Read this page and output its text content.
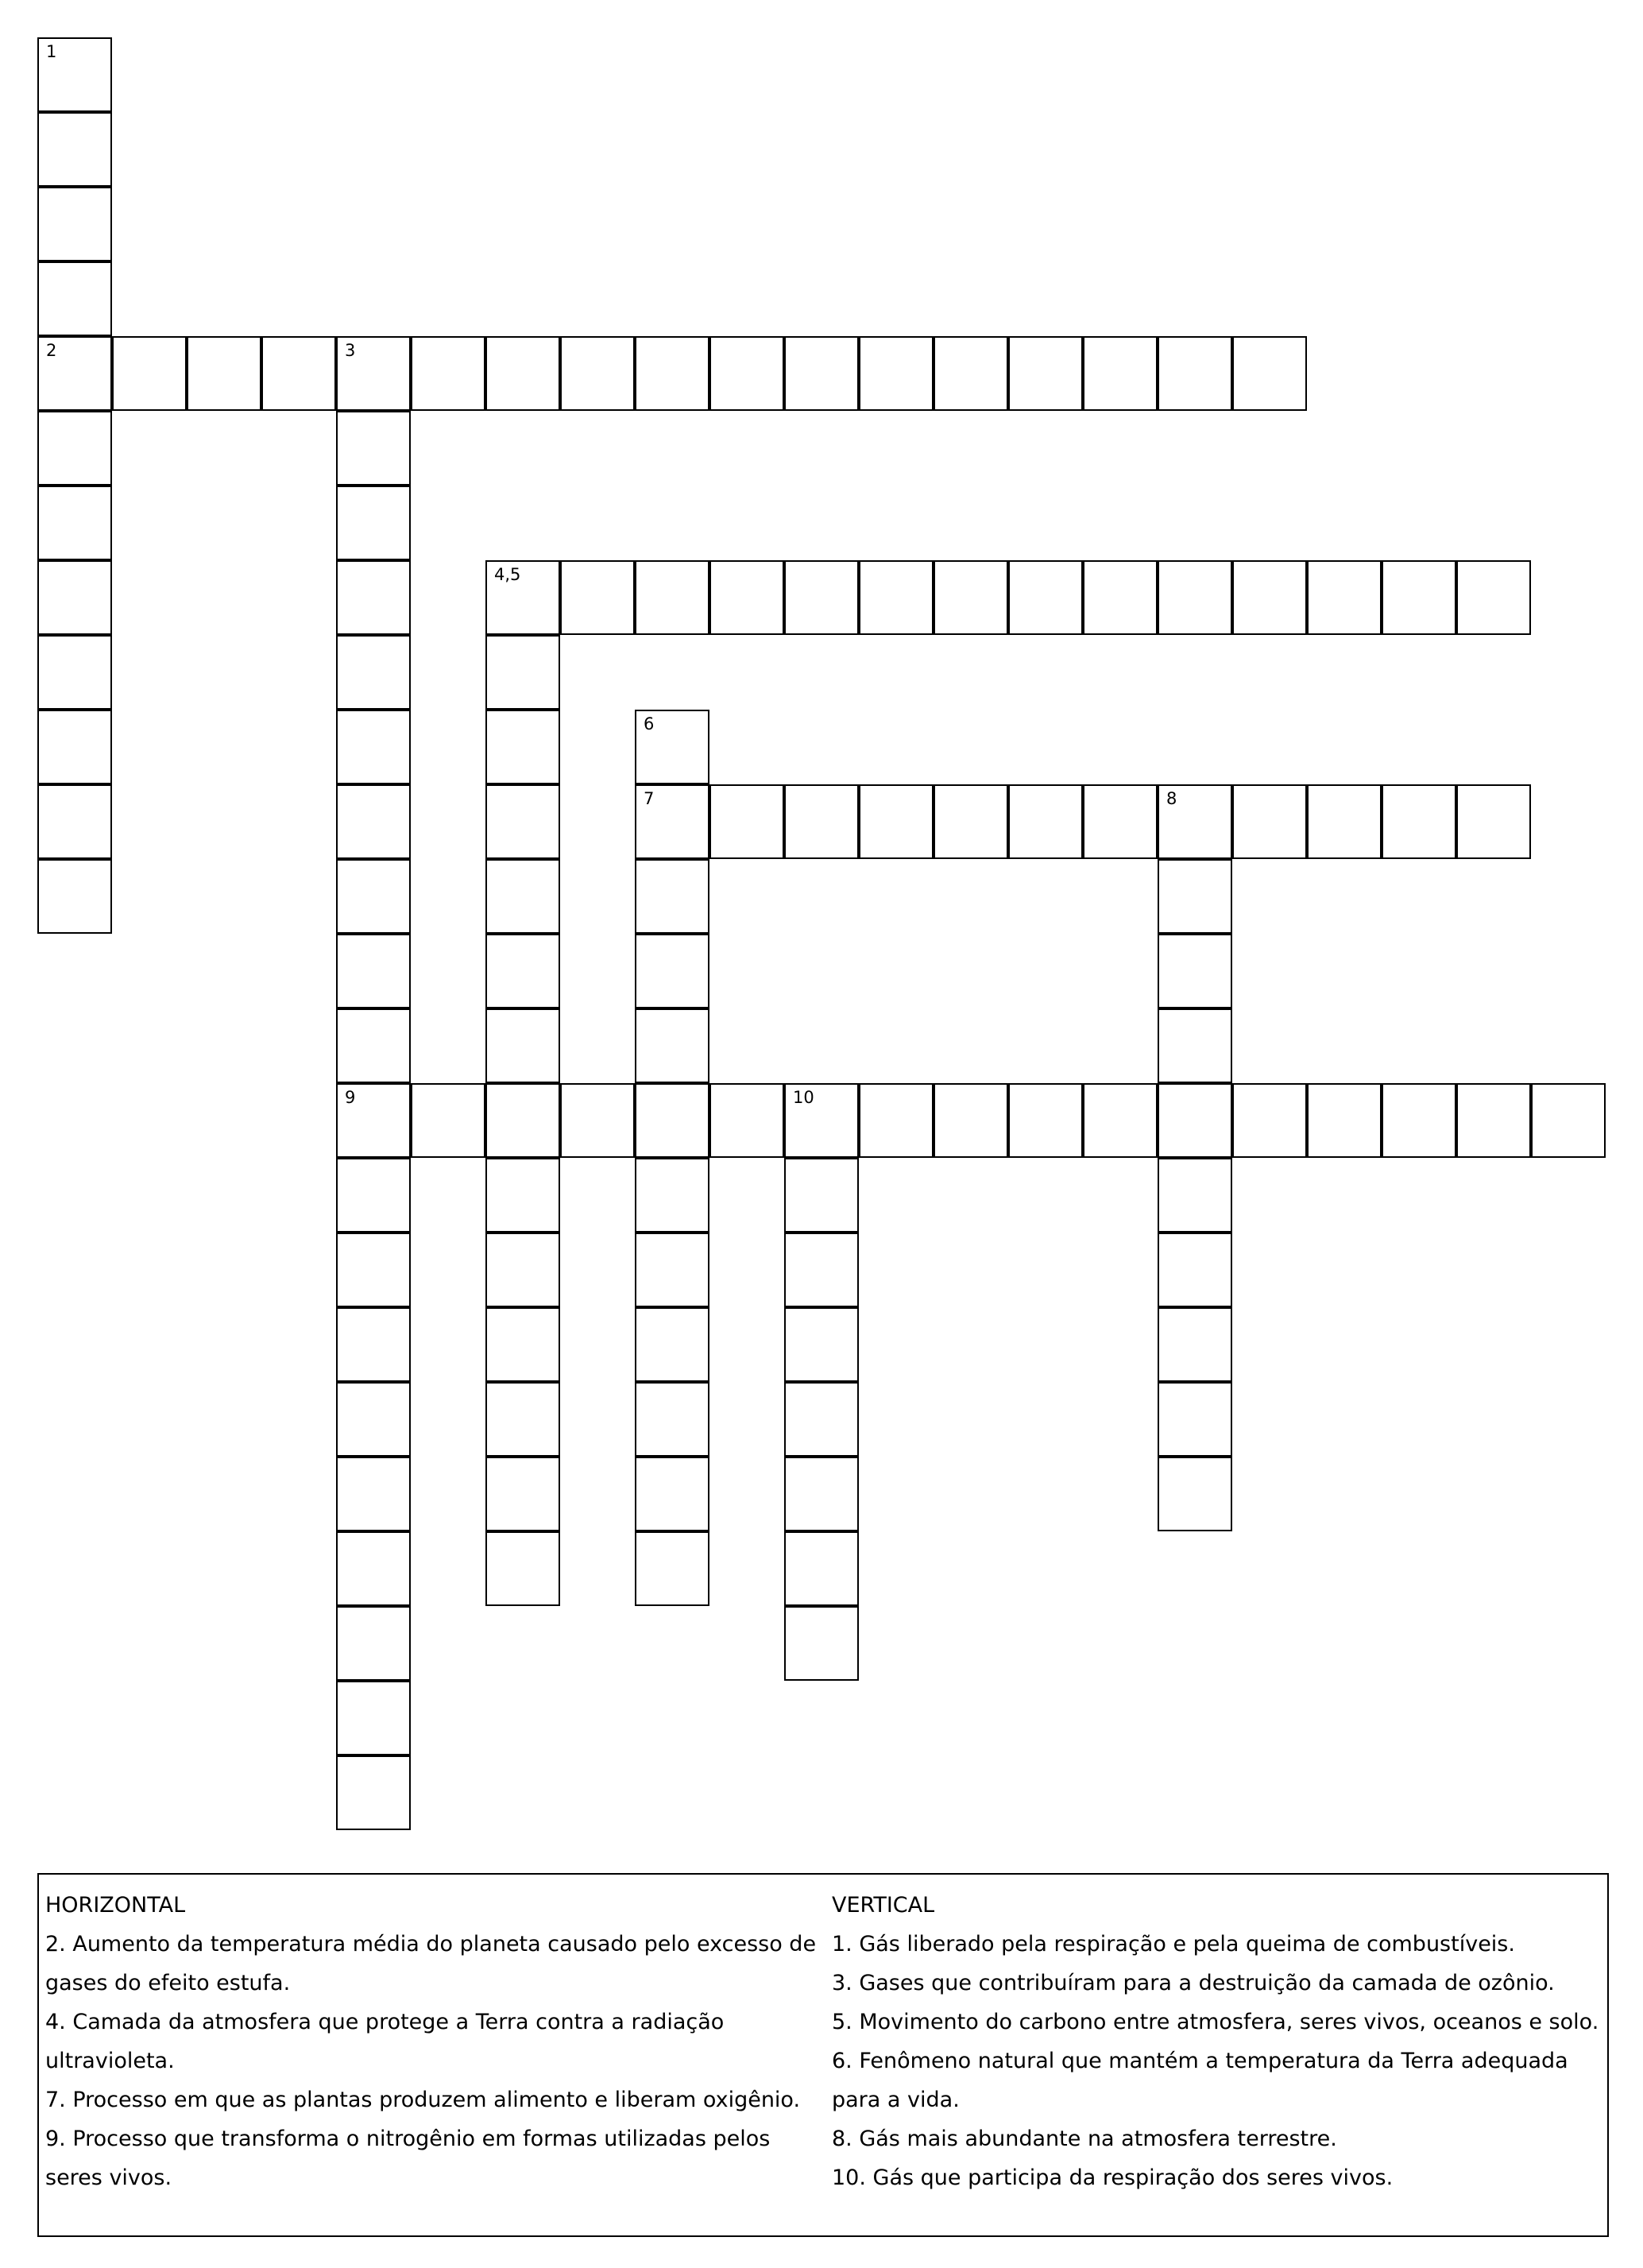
1
2	3
9
4,5
6
7	8
10

HORIZONTAL

2. Aumento da temperatura média do planeta causado pelo excesso de gases do efeito estufa.

4. Camada da atmosfera que protege a Terra contra a radiação ultravioleta.

7. Processo em que as plantas produzem alimento e liberam oxigênio.

9. Processo que transforma o nitrogênio em formas utilizadas pelos seres vivos.

VERTICAL

1. Gás liberado pela respiração e pela queima de combustíveis.

3. Gases que contribuíram para a destruição da camada de ozônio.

5. Movimento do carbono entre atmosfera, seres vivos, oceanos e solo.

6. Fenômeno natural que mantém a temperatura da Terra adequada para a vida.

8. Gás mais abundante na atmosfera terrestre.

10. Gás que participa da respiração dos seres vivos.
